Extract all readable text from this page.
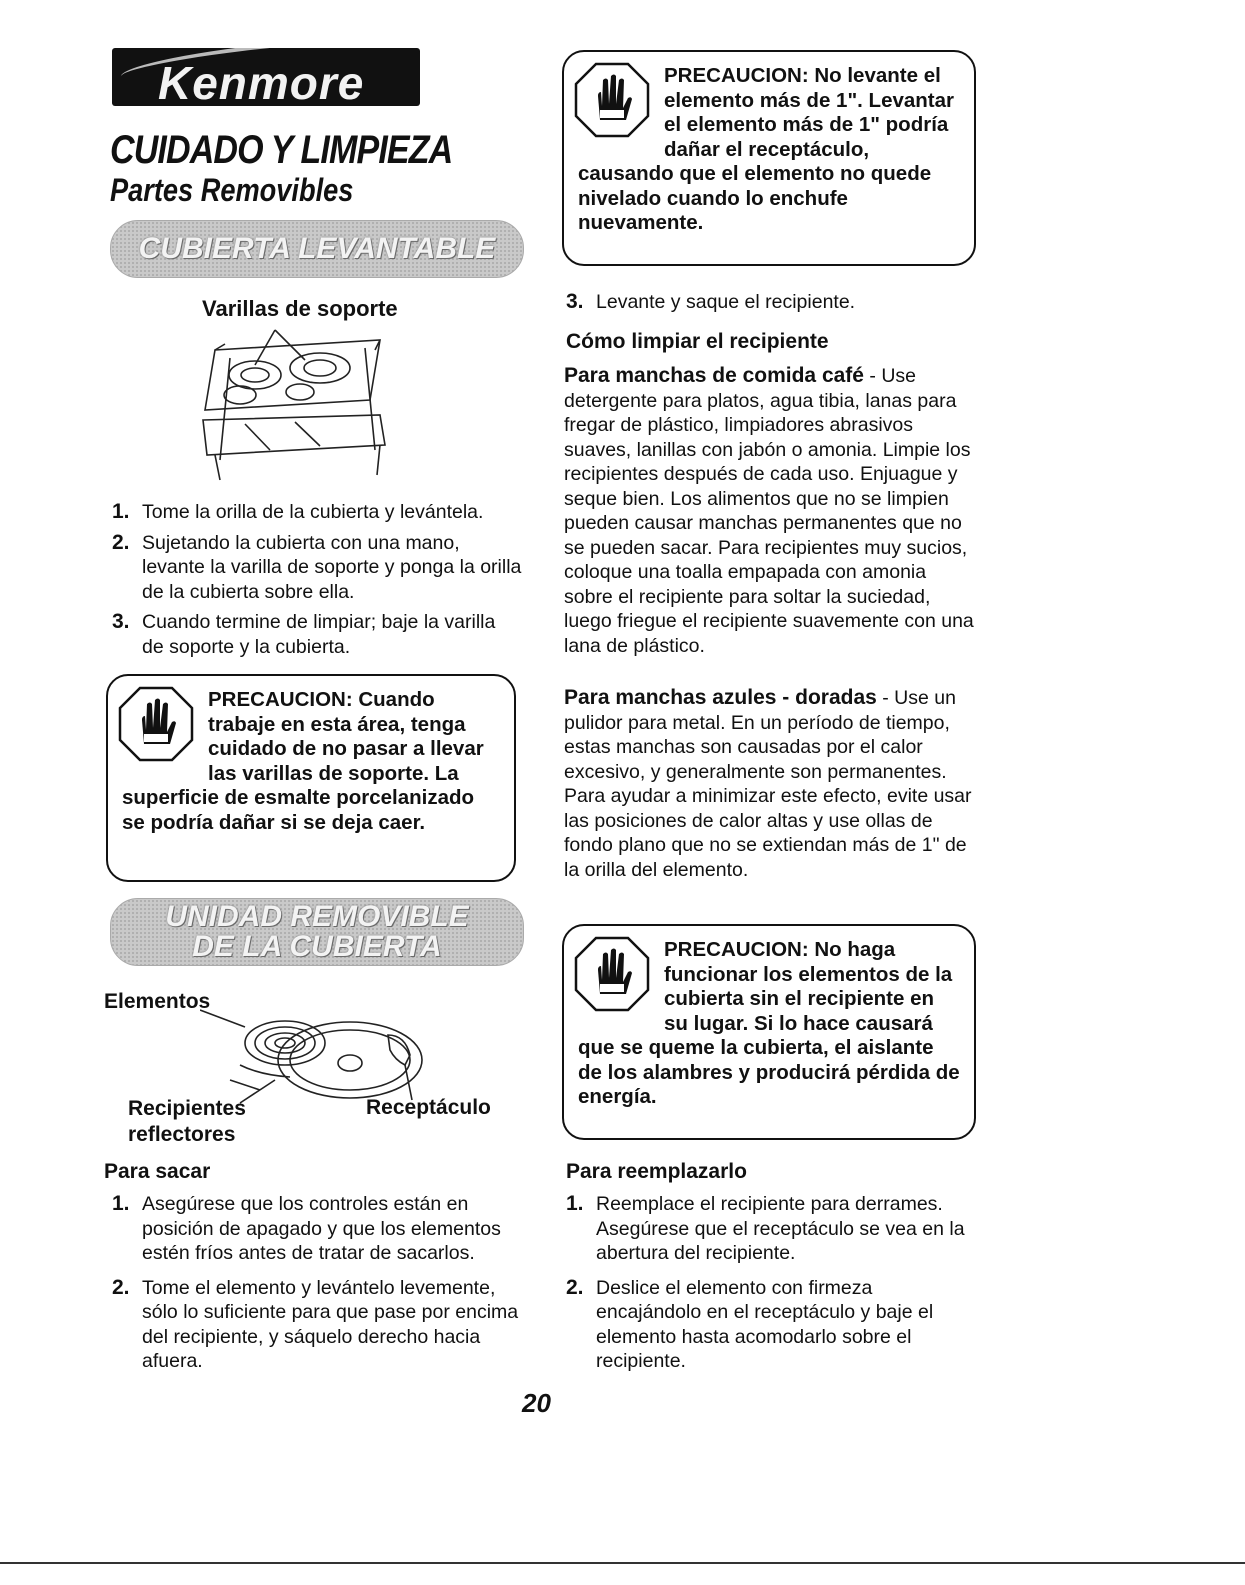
Kenmore
CUIDADO Y LIMPIEZA
Partes Removibles
CUBIERTA LEVANTABLE
Varillas de soporte
1. Tome la orilla de la cubierta y levántela.
2. Sujetando la cubierta con una mano, levante la varilla de soporte y ponga la orilla de la cubierta sobre ella.
3. Cuando termine de limpiar; baje la varilla de soporte y la cubierta.
PRECAUCION: Cuando trabaje en esta área, tenga cuidado de no pasar a llevar las varillas de soporte. La superficie de esmalte porcelanizado se podría dañar si se deja caer.
UNIDAD REMOVIBLE
DE LA CUBIERTA
Elementos
Recipientes
reflectores
Receptáculo
Para sacar
1. Asegúrese que los controles están en posición de apagado y que los elementos estén fríos antes de tratar de sacarlos.
2. Tome el elemento y levántelo levemente, sólo lo suficiente para que pase por encima del recipiente, y sáquelo derecho hacia afuera.
PRECAUCION: No levante el elemento más de 1". Levantar el elemento más de 1" podría dañar el receptáculo, causando que el elemento no quede nivelado cuando lo enchufe nuevamente.
3. Levante y saque el recipiente.
Cómo limpiar el recipiente
Para manchas de comida café - Use detergente para platos, agua tibia, lanas para fregar de plástico, limpiadores abrasivos suaves, lanillas con jabón o amonia. Limpie los recipientes después de cada uso. Enjuague y seque bien. Los alimentos que no se limpien pueden causar manchas permanentes que no se pueden sacar. Para recipientes muy sucios, coloque una toalla empapada con amonia sobre el recipiente para soltar la suciedad, luego friegue el recipiente suavemente con una lana de plástico.
Para manchas azules - doradas - Use un pulidor para metal. En un período de tiempo, estas manchas son causadas por el calor excesivo, y generalmente son permanentes. Para ayudar a minimizar este efecto, evite usar las posiciones de calor altas y use ollas de fondo plano que no se extiendan más de 1" de la orilla del elemento.
PRECAUCION: No haga funcionar los elementos de la cubierta sin el recipiente en su lugar. Si lo hace causará que se queme la cubierta, el aislante de los alambres y producirá pérdida de energía.
Para reemplazarlo
1. Reemplace el recipiente para derrames. Asegúrese que el receptáculo se vea en la abertura del recipiente.
2. Deslice el elemento con firmeza encajándolo en el receptáculo y baje el elemento hasta acomodarlo sobre el recipiente.
20
